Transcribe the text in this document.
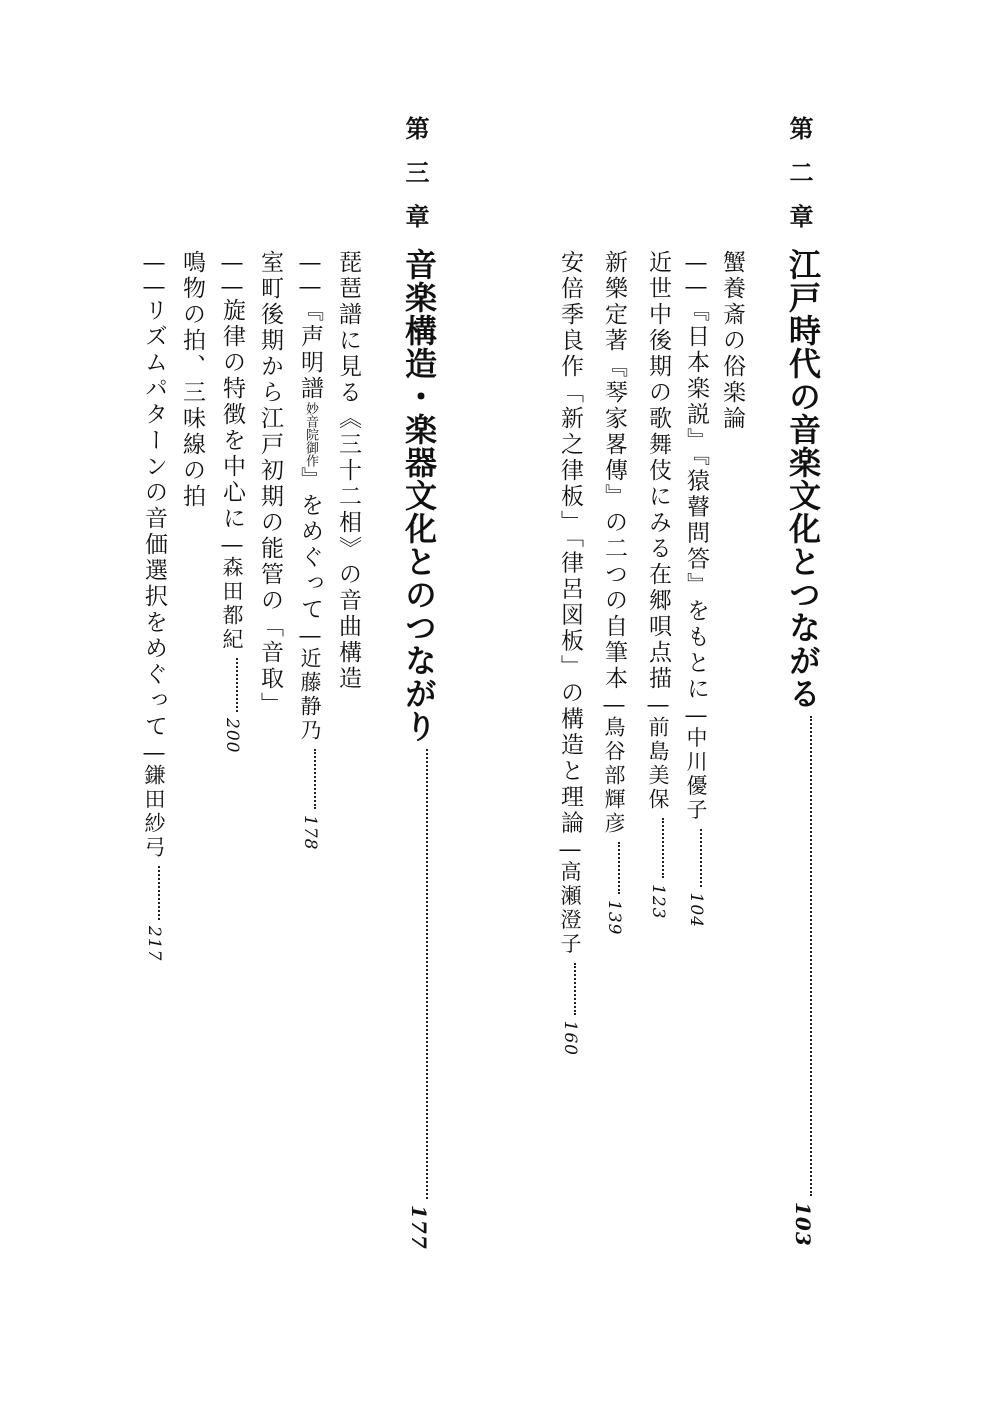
第二章
江戸時代の音楽文化とつながる103
蟹養斎の俗楽論
——『日本楽説』『猿瞽問答』をもとに—中川優子104
近世中後期の歌舞伎にみる在郷唄点描—前島美保123
新樂定著『琴家畧傳』の二つの自筆本—鳥谷部輝彦139
安倍季良作「新之律板」「律呂図板」の構造と理論—高瀬澄子160
第三章
音楽構造・楽器文化とのつながり177
琵琶譜に見る《三十二相》の音曲構造
——『声明譜妙音院御作』をめぐって—近藤静乃178
室町後期から江戸初期の能管の「音取」
——旋律の特徴を中心に—森田都紀200
鳴物の拍、三味線の拍
——リズムパターンの音価選択をめぐって—鎌田紗弓217
